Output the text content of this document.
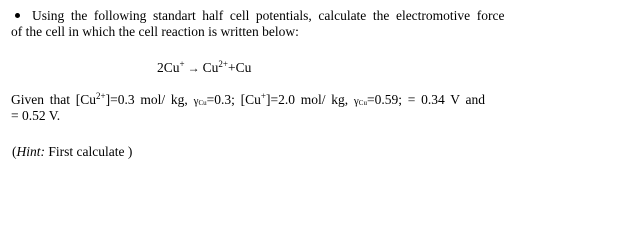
Using the following standart half cell potentials, calculate the electromotive force
of the cell in which the cell reaction is written below:
$2Cu^+ \to Cu^{2+}+Cu$
Given that $[Cu^{2+}]=0.3$ mol/ kg, $\gamma_{Cu}=0.3$; [Cu+]=2.0 mol/ kg, $\gamma_{Cu}=0.59$; = 0.34 V and
= 0.52 V.
(Hint: First calculate )
